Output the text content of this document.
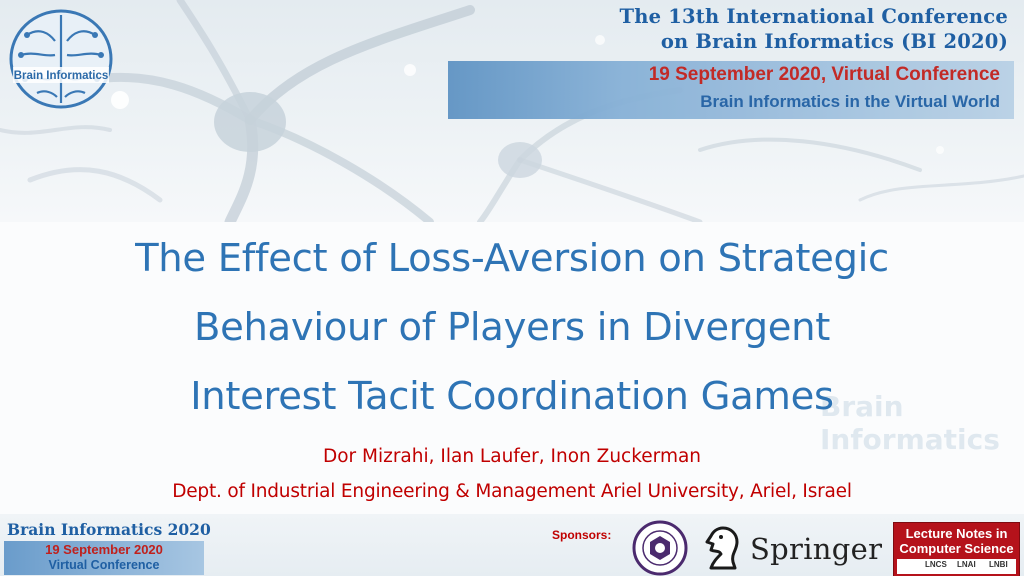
Brain Informatics
The 13th International Conference
on Brain Informatics (BI 2020)
19 September 2020, Virtual Conference
Brain Informatics in the Virtual World
Brain Informatics
The Effect of Loss-Aversion on Strategic
Behaviour of Players in Divergent
Interest Tacit Coordination Games
Dor Mizrahi, Ilan Laufer, Inon Zuckerman
Dept. of Industrial Engineering & Management Ariel University, Ariel, Israel
Brain Informatics 2020
19 September 2020
Virtual Conference
Sponsors:	Springer	Lecture Notes in
Computer Science
LNCS LNAI LNBI
